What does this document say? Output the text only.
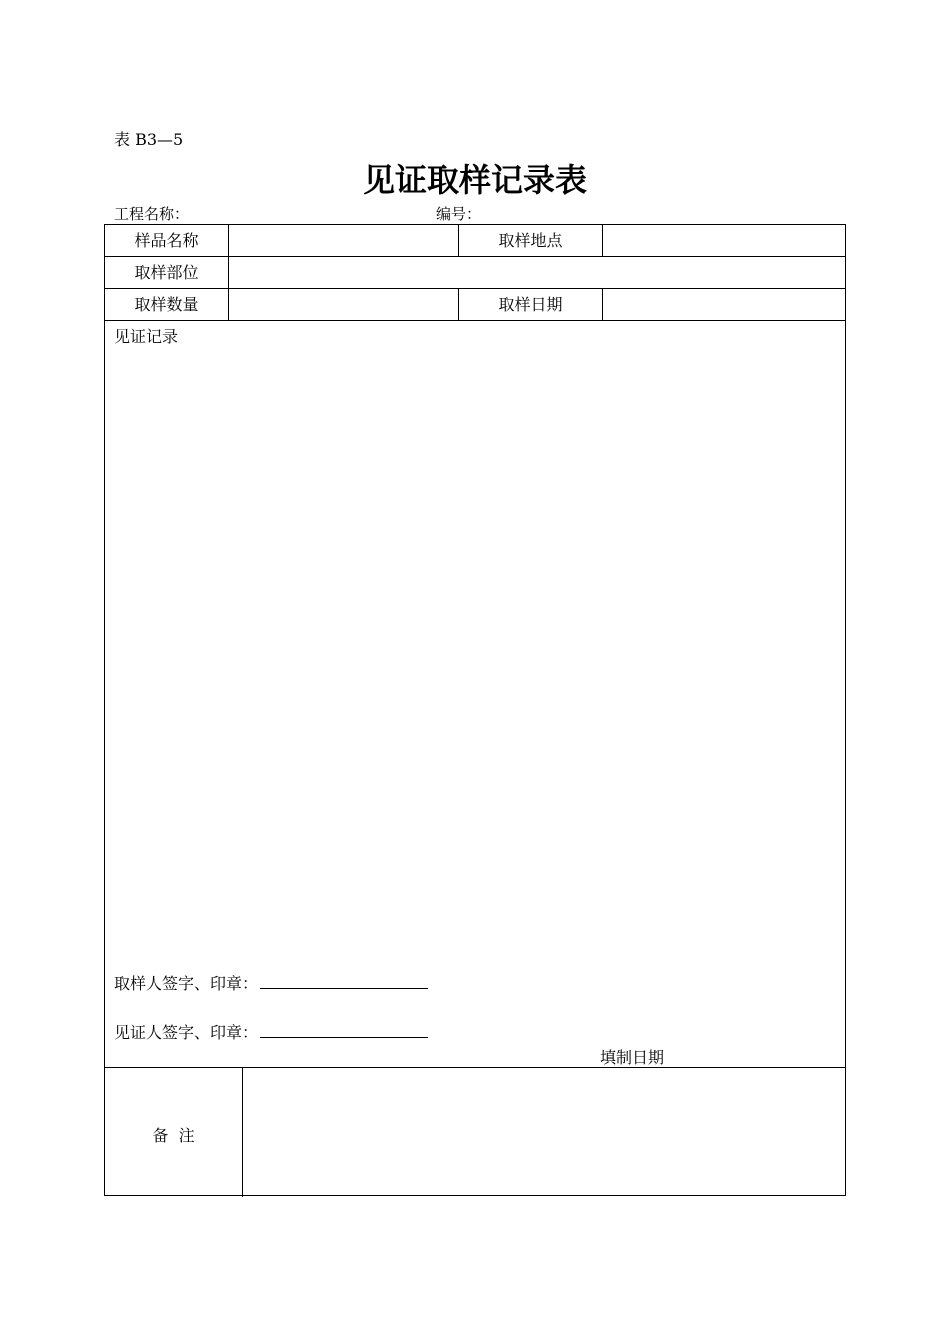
表 B3—5
见证取样记录表
工程名称：	编号：
样品名称	取样地点
取样部位
取样数量	取样日期
见证记录
取样人签字、印章：
见证人签字、印章：
填制日期
备  注
